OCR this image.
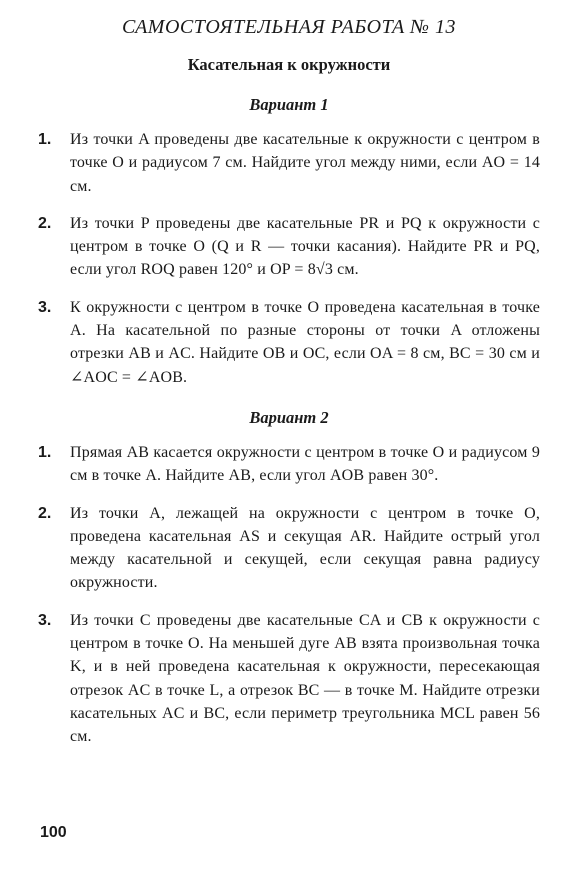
САМОСТОЯТЕЛЬНАЯ РАБОТА № 13
Касательная к окружности
Вариант 1
1.	Из точки A проведены две касательные к окружности с центром в точке O и радиусом 7 см. Найдите угол между ними, если AO = 14 см.
2.	Из точки P проведены две касательные PR и PQ к окружности с центром в точке O (Q и R — точки касания). Найдите PR и PQ, если угол ROQ равен 120° и OP = 8√3 см.
3.	К окружности с центром в точке O проведена касательная в точке A. На касательной по разные стороны от точки A отложены отрезки AB и AC. Найдите OB и OC, если OA = 8 см, BC = 30 см и ∠AOC = ∠AOB.
Вариант 2
1.	Прямая AB касается окружности с центром в точке O и радиусом 9 см в точке A. Найдите AB, если угол AOB равен 30°.
2.	Из точки A, лежащей на окружности с центром в точке O, проведена касательная AS и секущая AR. Найдите острый угол между касательной и секущей, если секущая равна радиусу окружности.
3.	Из точки C проведены две касательные CA и CB к окружности с центром в точке O. На меньшей дуге AB взята произвольная точка K, и в ней проведена касательная к окружности, пересекающая отрезок AC в точке L, а отрезок BC — в точке M. Найдите отрезки касательных AC и BC, если периметр треугольника MCL равен 56 см.
100
